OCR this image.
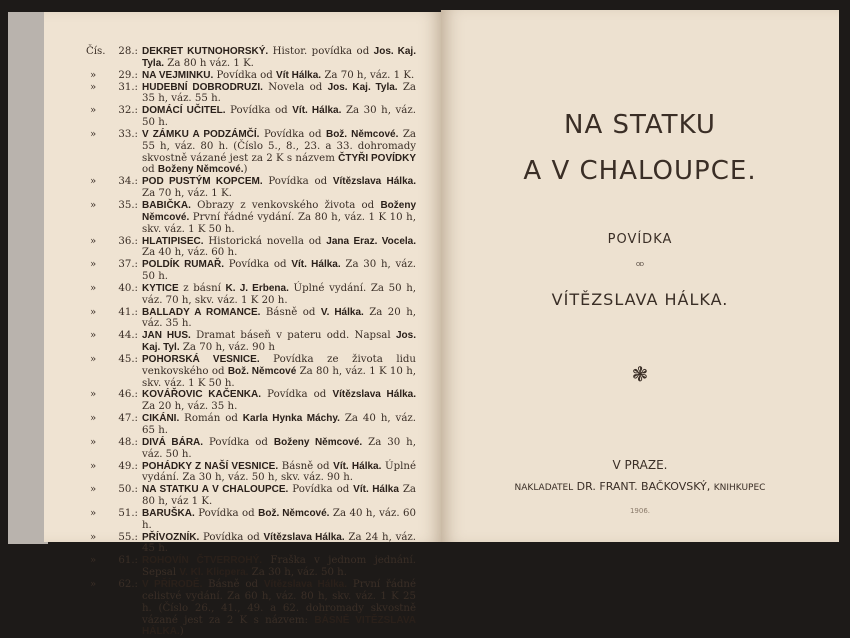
Čís.	28.: DEKRET KUTNOHORSKÝ. Histor. povídka od Jos. Kaj. Tyla. Za 80 h váz. 1 K.
»	29.: NA VEJMINKU. Povídka od Vít Hálka. Za 70 h, váz. 1 K.
»	31.: HUDEBNÍ DOBRODRUZI. Novela od Jos. Kaj. Tyla. Za 35 h, váz. 55 h.
»	32.: DOMÁCÍ UČITEL. Povídka od Vít. Hálka. Za 30 h, váz. 50 h.
»	33.: V ZÁMKU A PODZÁMČÍ. Povídka od Bož. Němcové. Za 55 h, váz. 80 h. (Číslo 5., 8., 23. a 33. dohromady skvostně vázané jest za 2 K s názvem ČTYŘI POVÍDKY od Boženy Němcové.)
»	34.: POD PUSTÝM KOPCEM. Povídka od Vítězslava Hálka. Za 70 h, váz. 1 K.
»	35.: BABIČKA. Obrazy z venkovského života od Boženy Němcové. První řádné vydání. Za 80 h, váz. 1 K 10 h, skv. váz. 1 K 50 h.
»	36.: HLATIPISEC. Historická novella od Jana Eraz. Vocela. Za 40 h, váz. 60 h.
»	37.: POLDÍK RUMAŘ. Povídka od Vít. Hálka. Za 30 h, váz. 50 h.
»	40.: KYTICE z básní K. J. Erbena. Úplné vydání. Za 50 h, váz. 70 h, skv. váz. 1 K 20 h.
»	41.: BALLADY A ROMANCE. Básně od V. Hálka. Za 20 h, váz. 35 h.
»	44.: JAN HUS. Dramat báseň v pateru odd. Napsal Jos. Kaj. Tyl. Za 70 h, váz. 90 h
»	45.: POHORSKÁ VESNICE. Povídka ze života lidu venkovského od Bož. Němcové Za 80 h, váz. 1 K 10 h, skv. váz. 1 K 50 h.
»	46.: KOVÁŘOVIC KAČENKA. Povídka od Vítězslava Hálka. Za 20 h, váz. 35 h.
»	47.: CIKÁNI. Román od Karla Hynka Máchy. Za 40 h, váz. 65 h.
»	48.: DIVÁ BÁRA. Povídka od Boženy Němcové. Za 30 h, váz. 50 h.
»	49.: POHÁDKY Z NAŠÍ VESNICE. Básně od Vít. Hálka. Úplné vydání. Za 30 h, váz. 50 h, skv. váz. 90 h.
»	50.: NA STATKU A V CHALOUPCE. Povídka od Vít. Hálka Za 80 h, váz 1 K.
»	51.: BARUŠKA. Povídka od Bož. Němcové. Za 40 h, váz. 60 h.
»	55.: PŘÍVOZNÍK. Povídka od Vítězslava Hálka. Za 24 h, váz. 45 h.
»	61.: ROHOVÍN ČTVERROHÝ. Fraška v jednom jednání. Sepsal V. Kl. Klicpera. Za 30 h, váz. 50 h.
»	62.: V PŘÍRODĚ. Básně od Vítězslava Hálka. První řádné celistvé vydání. Za 60 h, váz. 80 h, skv. váz. 1 K 25 h. (Číslo 26., 41., 49. a 62. dohromady skvostně vázané jest za 2 K s názvem: BÁSNĚ VITĚZSLAVA HÁLKA.)
NA STATKU
A V CHALOUPCE.
POVÍDKA
OD
VÍTĚZSLAVA HÁLKA.
❃
V PRAZE.
NAKLADATEL DR. FRANT. BAČKOVSKÝ, KNIHKUPEC
1906.
